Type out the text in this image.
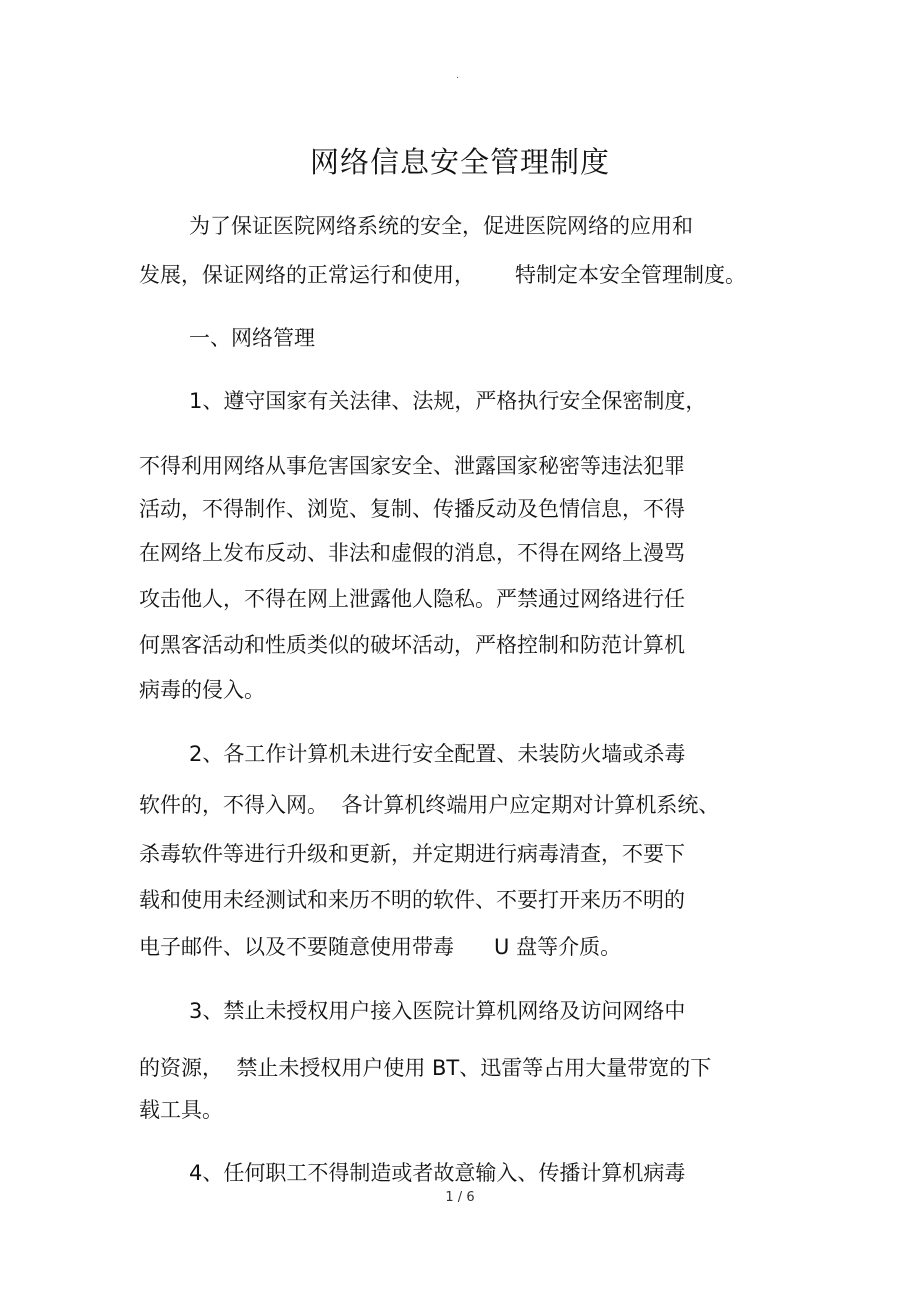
.
网络信息安全管理制度
为了保证医院网络系统的安全，促进医院网络的应用和
发展，保证网络的正常运行和使用，      特制定本安全管理制度。
一、网络管理
1、遵守国家有关法律、法规，严格执行安全保密制度，
不得利用网络从事危害国家安全、泄露国家秘密等违法犯罪
活动，不得制作、浏览、复制、传播反动及色情信息，不得
在网络上发布反动、非法和虚假的消息，不得在网络上漫骂
攻击他人，不得在网上泄露他人隐私。严禁通过网络进行任
何黑客活动和性质类似的破坏活动，严格控制和防范计算机
病毒的侵入。
2、各工作计算机未进行安全配置、未装防火墙或杀毒
软件的，不得入网。  各计算机终端用户应定期对计算机系统、
杀毒软件等进行升级和更新，并定期进行病毒清查，不要下
载和使用未经测试和来历不明的软件、不要打开来历不明的
电子邮件、以及不要随意使用带毒      U 盘等介质。
3、禁止未授权用户接入医院计算机网络及访问网络中
的资源，  禁止未授权用户使用 BT、迅雷等占用大量带宽的下
载工具。
4、任何职工不得制造或者故意输入、传播计算机病毒
1 / 6
